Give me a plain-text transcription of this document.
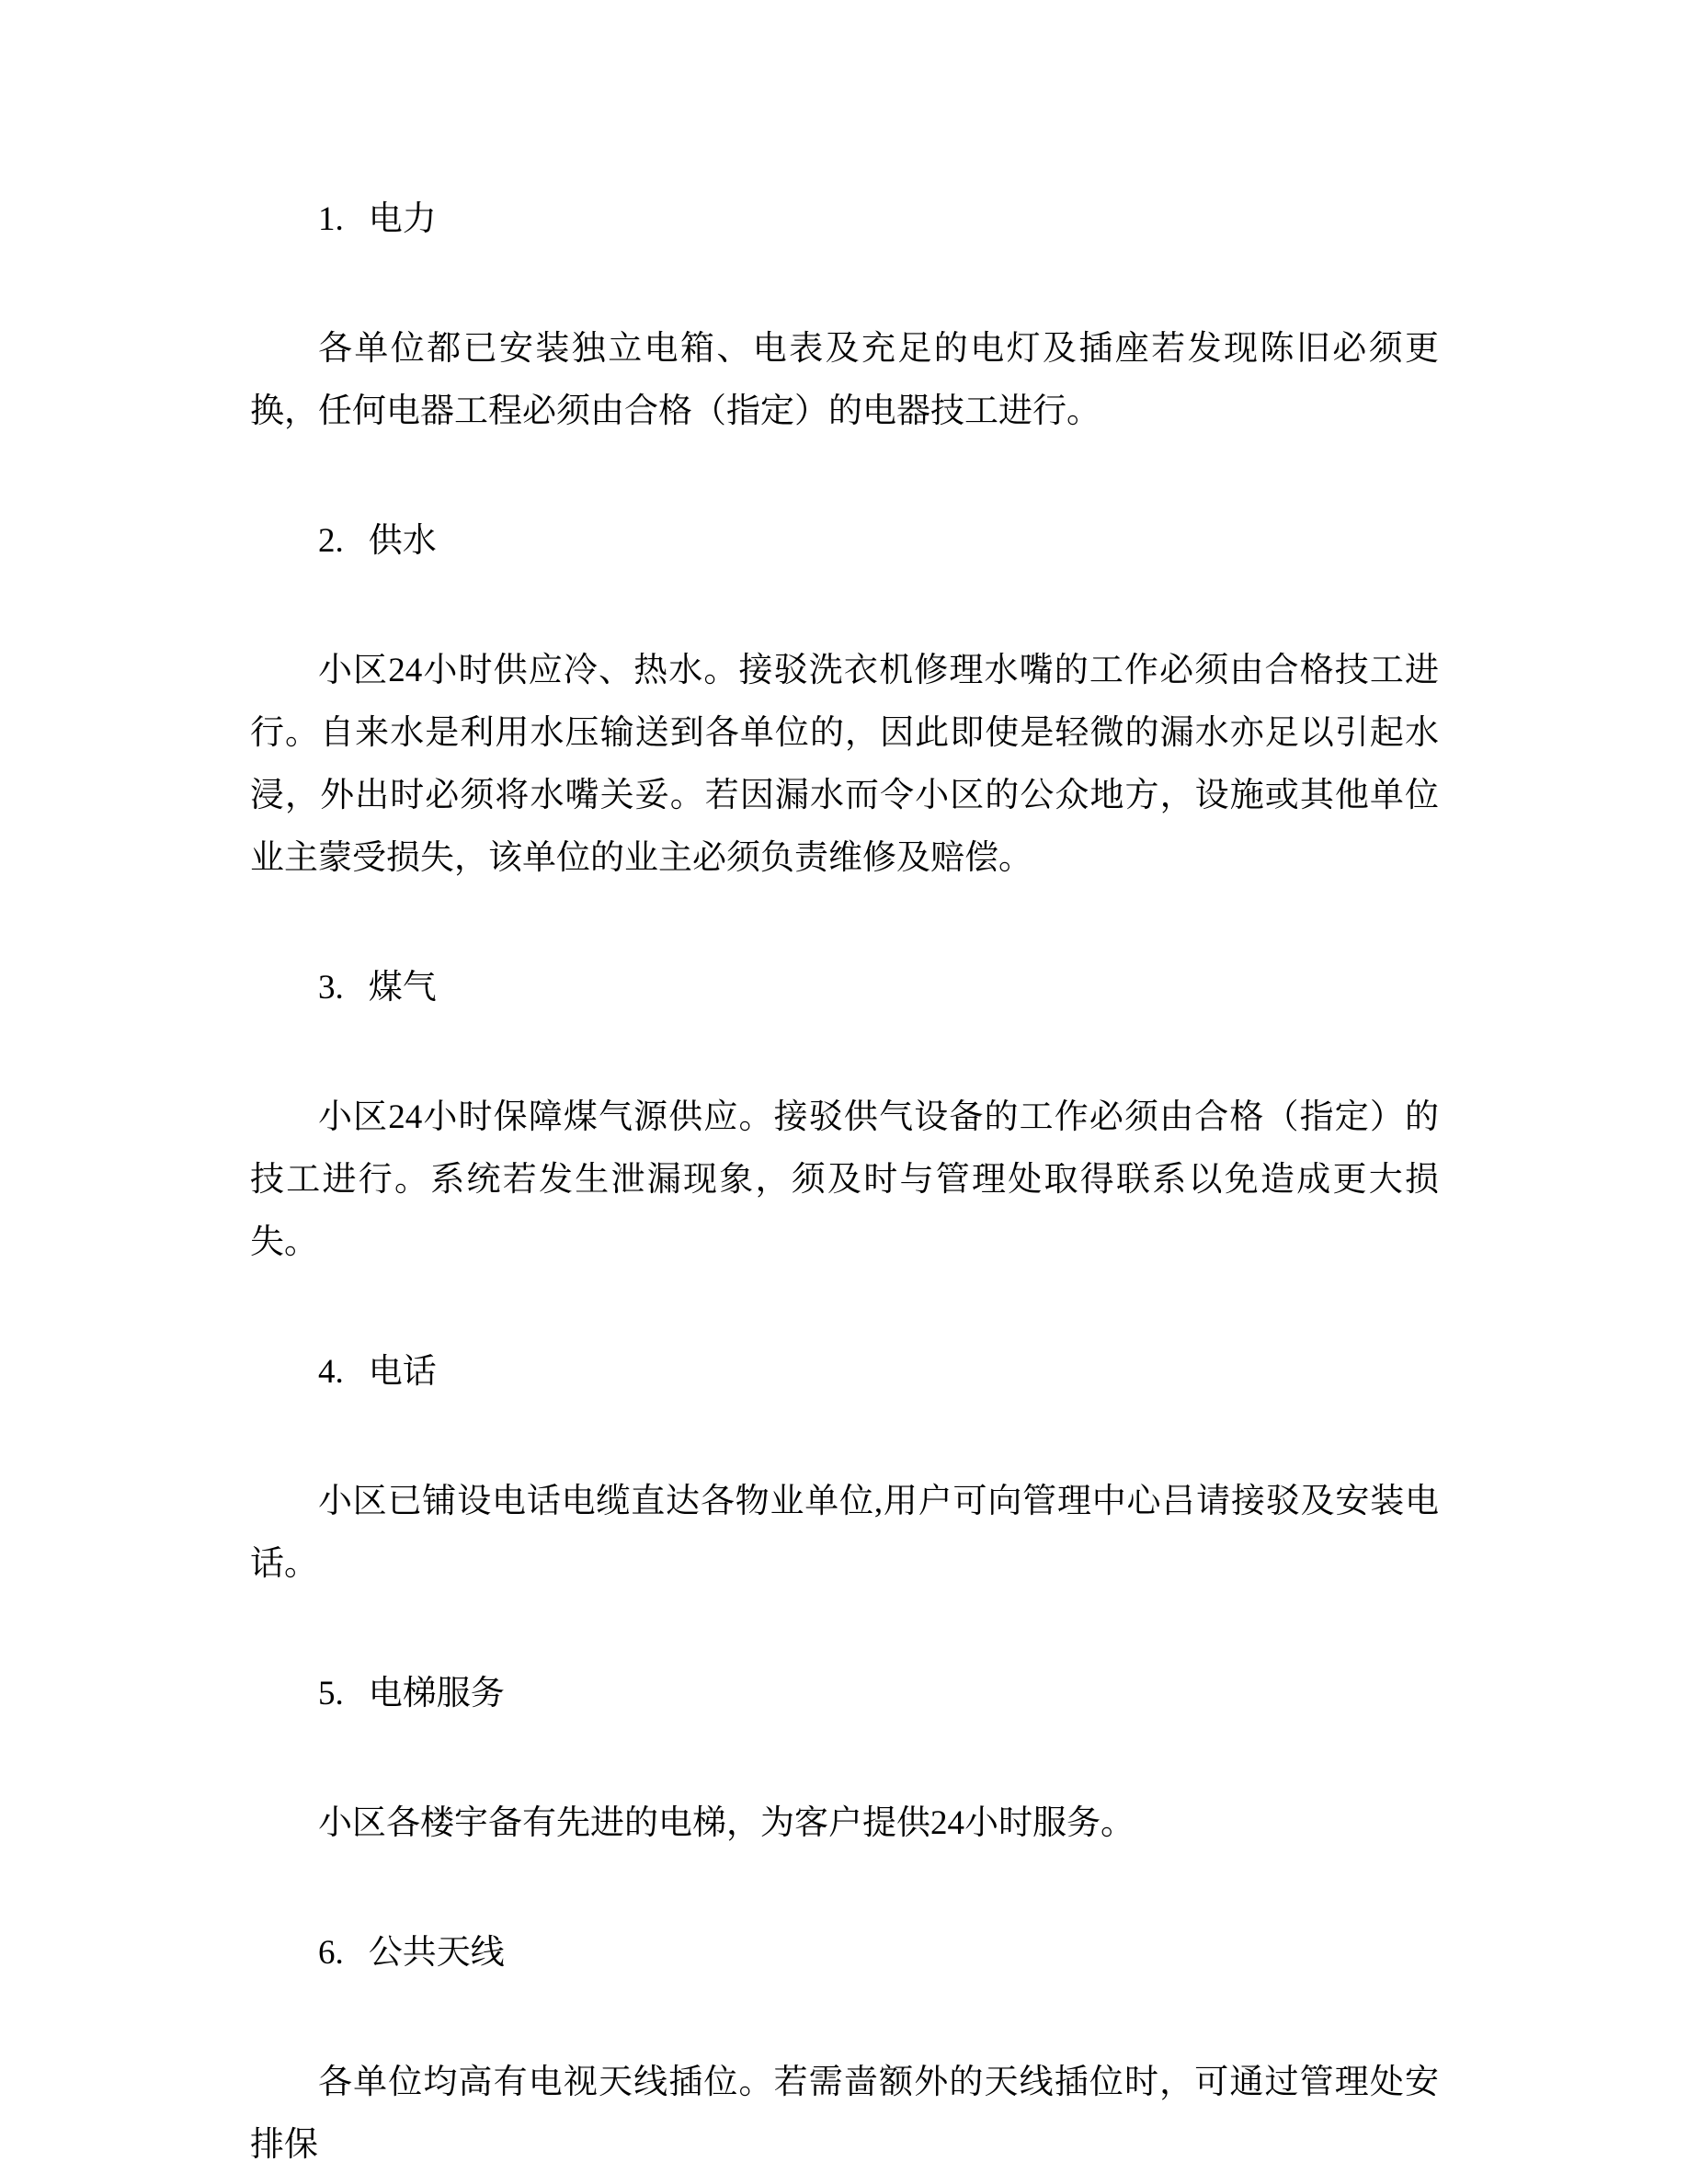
1. 电力

各单位都已安装独立电箱、电表及充足的电灯及插座若发现陈旧必须更换，任何电器工程必须由合格（指定）的电器技工进行。

2. 供水

小区24小时供应冷、热水。接驳洗衣机修理水嘴的工作必须由合格技工进行。自来水是利用水压输送到各单位的，因此即使是轻微的漏水亦足以引起水浸，外出时必须将水嘴关妥。若因漏水而令小区的公众地方，设施或其他单位业主蒙受损失，该单位的业主必须负责维修及赔偿。

3. 煤气

小区24小时保障煤气源供应。接驳供气设备的工作必须由合格（指定）的技工进行。系统若发生泄漏现象，须及时与管理处取得联系以免造成更大损失。

4. 电话

小区已铺设电话电缆直达各物业单位,用户可向管理中心吕请接驳及安装电话。

5. 电梯服务

小区各楼宇备有先进的电梯，为客户提供24小时服务。

6. 公共天线

各单位均高有电视天线插位。若需啬额外的天线插位时，可通过管理处安排保
